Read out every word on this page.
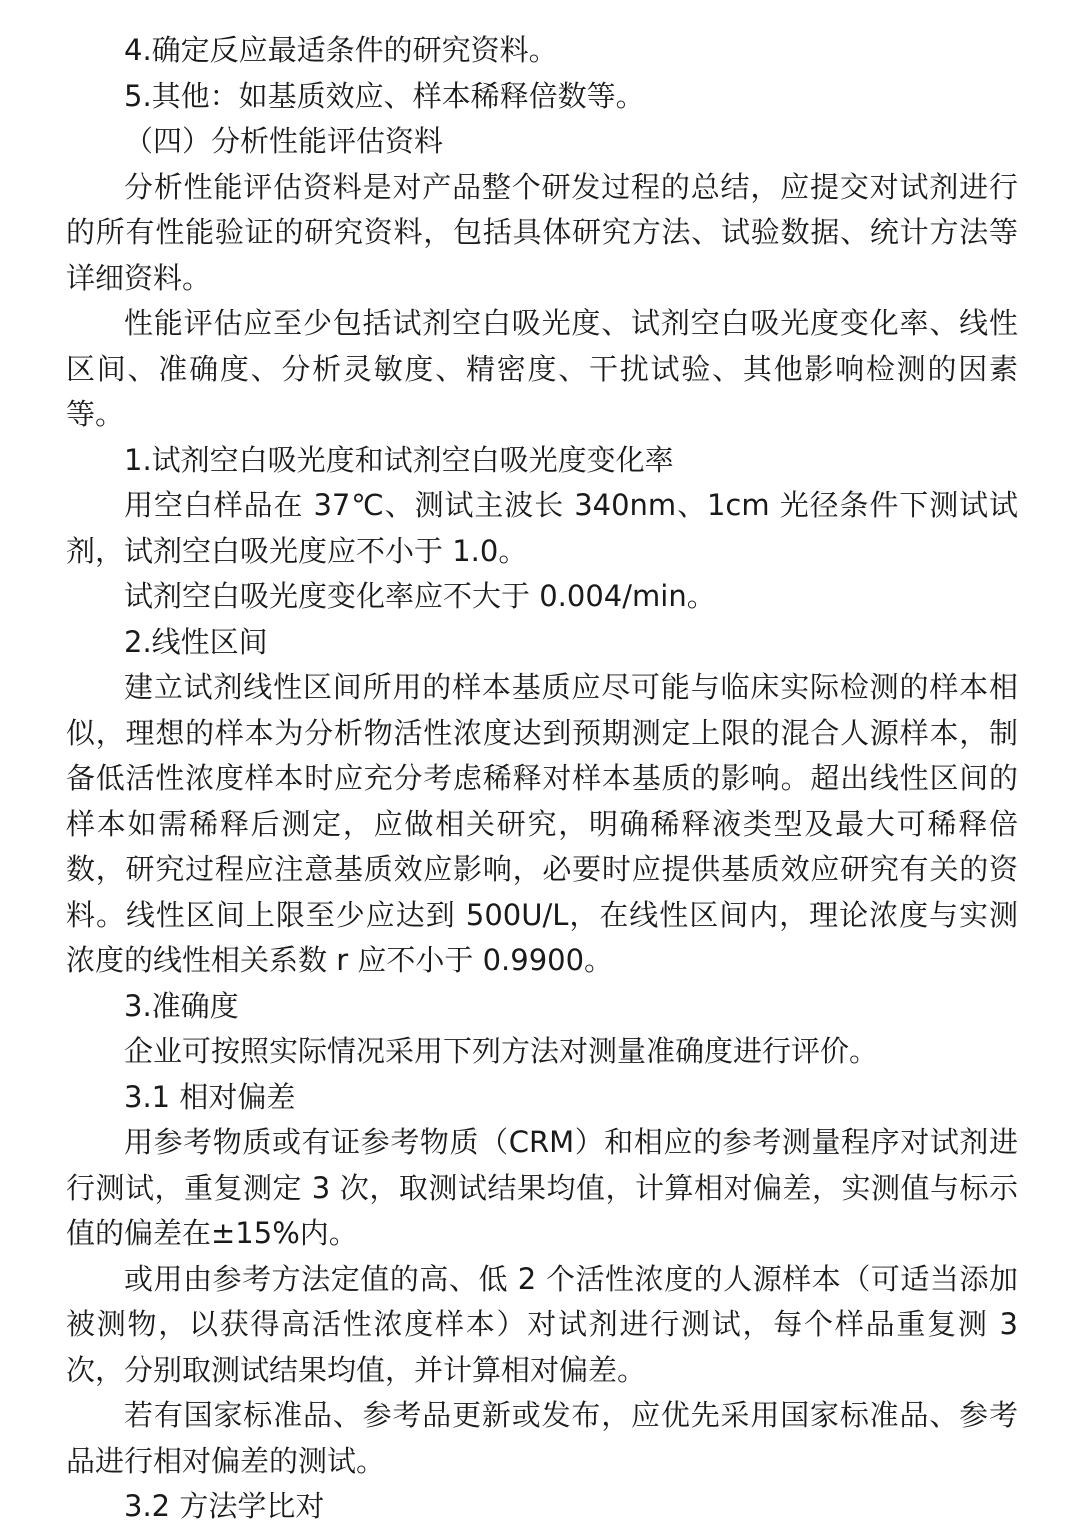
4.确定反应最适条件的研究资料。

5.其他：如基质效应、样本稀释倍数等。

（四）分析性能评估资料

分析性能评估资料是对产品整个研发过程的总结，应提交对试剂进行的所有性能验证的研究资料，包括具体研究方法、试验数据、统计方法等详细资料。

性能评估应至少包括试剂空白吸光度、试剂空白吸光度变化率、线性区间、准确度、分析灵敏度、精密度、干扰试验、其他影响检测的因素等。

1.试剂空白吸光度和试剂空白吸光度变化率

用空白样品在 37℃、测试主波长 340nm、1cm 光径条件下测试试剂，试剂空白吸光度应不小于 1.0。

试剂空白吸光度变化率应不大于 0.004/min。

2.线性区间

建立试剂线性区间所用的样本基质应尽可能与临床实际检测的样本相似，理想的样本为分析物活性浓度达到预期测定上限的混合人源样本，制备低活性浓度样本时应充分考虑稀释对样本基质的影响。超出线性区间的样本如需稀释后测定，应做相关研究，明确稀释液类型及最大可稀释倍数，研究过程应注意基质效应影响，必要时应提供基质效应研究有关的资料。线性区间上限至少应达到 500U/L，在线性区间内，理论浓度与实测浓度的线性相关系数 r 应不小于 0.9900。

3.准确度

企业可按照实际情况采用下列方法对测量准确度进行评价。

3.1 相对偏差

用参考物质或有证参考物质（CRM）和相应的参考测量程序对试剂进行测试，重复测定 3 次，取测试结果均值，计算相对偏差，实测值与标示值的偏差在±15%内。

或用由参考方法定值的高、低 2 个活性浓度的人源样本（可适当添加被测物，以获得高活性浓度样本）对试剂进行测试，每个样品重复测 3 次，分别取测试结果均值，并计算相对偏差。

若有国家标准品、参考品更新或发布，应优先采用国家标准品、参考品进行相对偏差的测试。

3.2 方法学比对
